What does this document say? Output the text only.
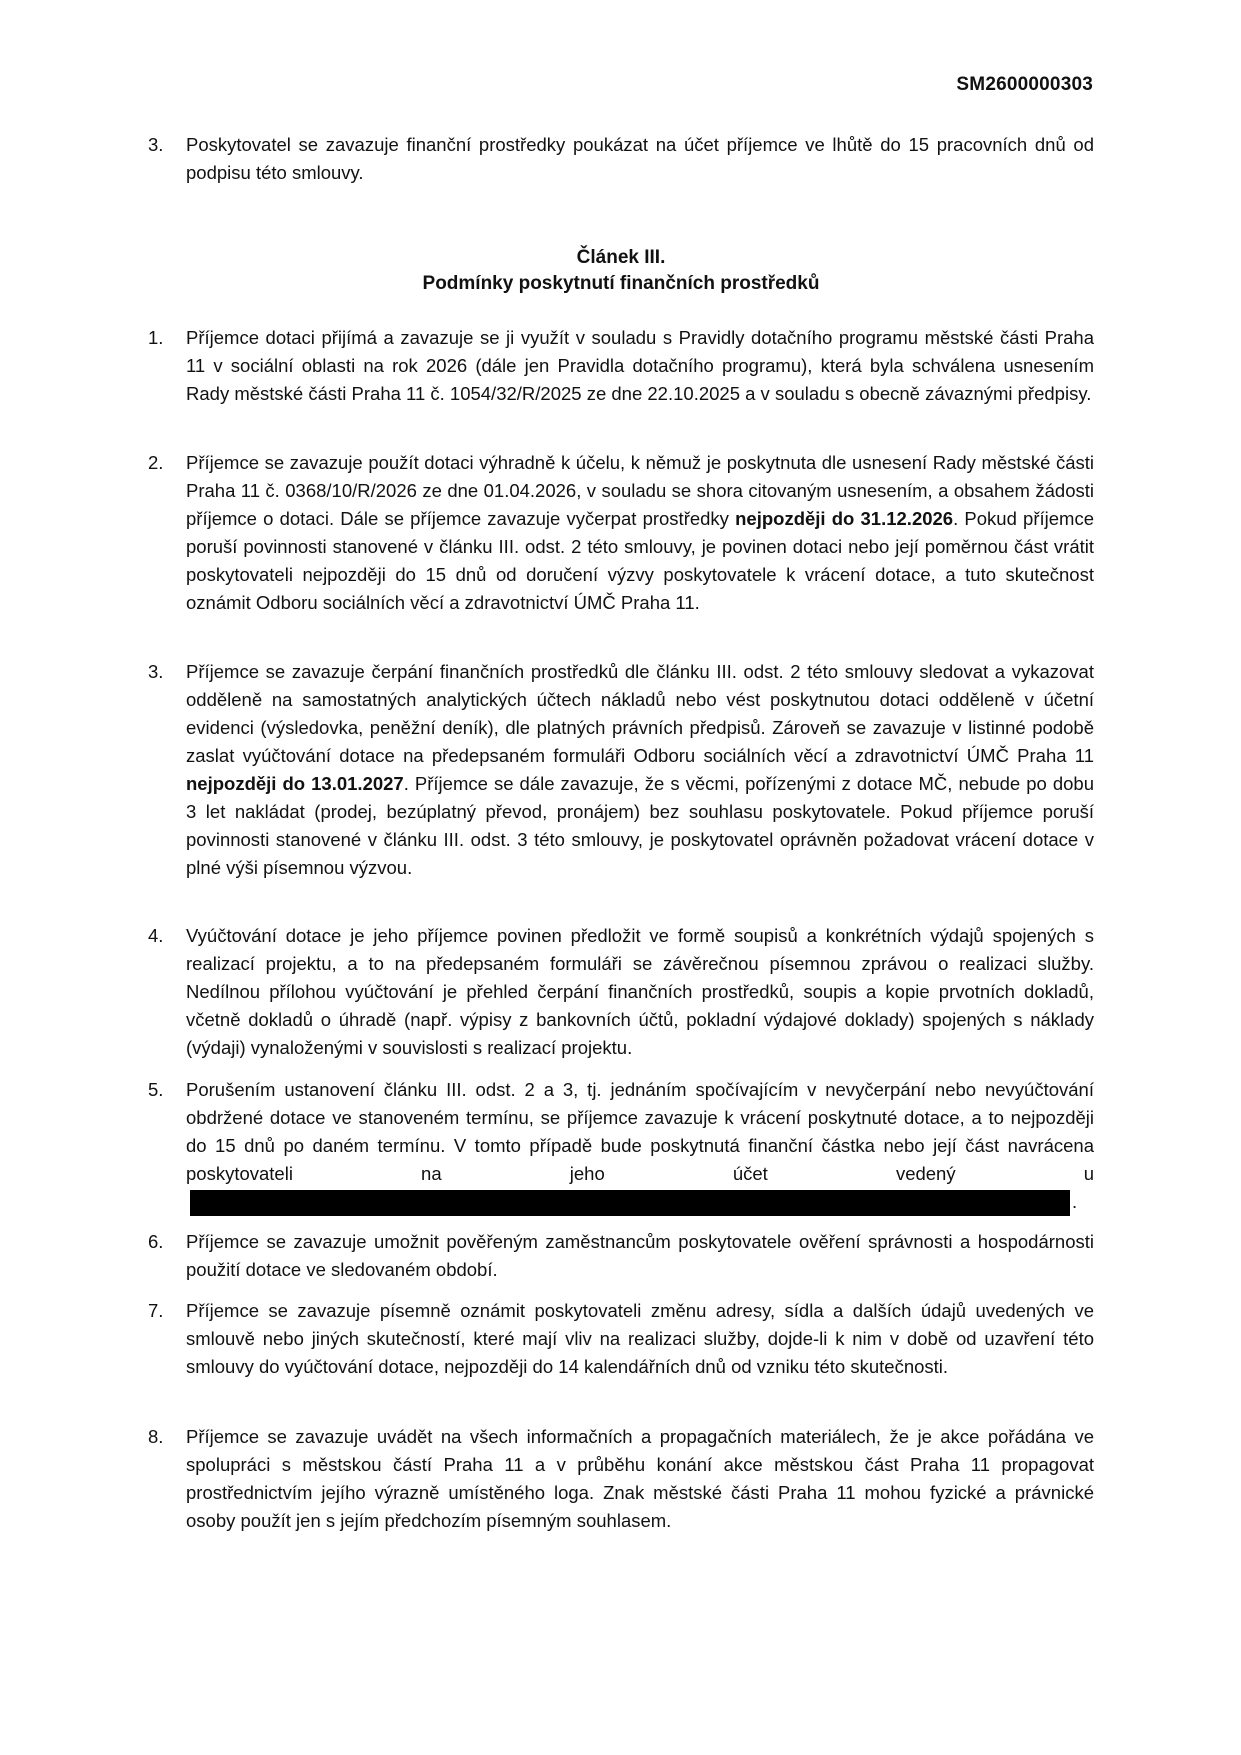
SM2600000303
3.	Poskytovatel se zavazuje finanční prostředky poukázat na účet příjemce ve lhůtě do 15 pracovních dnů od podpisu této smlouvy.
Článek III.
Podmínky poskytnutí finančních prostředků
1.	Příjemce dotaci přijímá a zavazuje se ji využít v souladu s Pravidly dotačního programu městské části Praha 11 v sociální oblasti na rok 2026 (dále jen Pravidla dotačního programu), která byla schválena usnesením Rady městské části Praha 11 č. 1054/32/R/2025 ze dne 22.10.2025 a v souladu s obecně závaznými předpisy.
2.	Příjemce se zavazuje použít dotaci výhradně k účelu, k němuž je poskytnuta dle usnesení Rady městské části Praha 11 č. 0368/10/R/2026 ze dne 01.04.2026, v souladu se shora citovaným usnesením, a obsahem žádosti příjemce o dotaci. Dále se příjemce zavazuje vyčerpat prostředky nejpozději do 31.12.2026. Pokud příjemce poruší povinnosti stanovené v článku III. odst. 2 této smlouvy, je povinen dotaci nebo její poměrnou část vrátit poskytovateli nejpozději do 15 dnů od doručení výzvy poskytovatele k vrácení dotace, a tuto skutečnost oznámit Odboru sociálních věcí a zdravotnictví ÚMČ Praha 11.
3.	Příjemce se zavazuje čerpání finančních prostředků dle článku III. odst. 2 této smlouvy sledovat a vykazovat odděleně na samostatných analytických účtech nákladů nebo vést poskytnutou dotaci odděleně v účetní evidenci (výsledovka, peněžní deník), dle platných právních předpisů. Zároveň se zavazuje v listinné podobě zaslat vyúčtování dotace na předepsaném formuláři Odboru sociálních věcí a zdravotnictví ÚMČ Praha 11 nejpozději do 13.01.2027. Příjemce se dále zavazuje, že s věcmi, pořízenými z dotace MČ, nebude po dobu 3 let nakládat (prodej, bezúplatný převod, pronájem) bez souhlasu poskytovatele. Pokud příjemce poruší povinnosti stanovené v článku III. odst. 3 této smlouvy, je poskytovatel oprávněn požadovat vrácení dotace v plné výši písemnou výzvou.
4.	Vyúčtování dotace je jeho příjemce povinen předložit ve formě soupisů a konkrétních výdajů spojených s realizací projektu, a to na předepsaném formuláři se závěrečnou písemnou zprávou o realizaci služby. Nedílnou přílohou vyúčtování je přehled čerpání finančních prostředků, soupis a kopie prvotních dokladů, včetně dokladů o úhradě (např. výpisy z bankovních účtů, pokladní výdajové doklady) spojených s náklady (výdaji) vynaloženými v souvislosti s realizací projektu.
5.	Porušením ustanovení článku III. odst. 2 a 3, tj. jednáním spočívajícím v nevyčerpání nebo nevyúčtování obdržené dotace ve stanoveném termínu, se příjemce zavazuje k vrácení poskytnuté dotace, a to nejpozději do 15 dnů po daném termínu. V tomto případě bude poskytnutá finanční částka nebo její část navrácena poskytovateli na jeho účet vedený u.
6.	Příjemce se zavazuje umožnit pověřeným zaměstnancům poskytovatele ověření správnosti a hospodárnosti použití dotace ve sledovaném období.
7.	Příjemce se zavazuje písemně oznámit poskytovateli změnu adresy, sídla a dalších údajů uvedených ve smlouvě nebo jiných skutečností, které mají vliv na realizaci služby, dojde-li k nim v době od uzavření této smlouvy do vyúčtování dotace, nejpozději do 14 kalendářních dnů od vzniku této skutečnosti.
8.	Příjemce se zavazuje uvádět na všech informačních a propagačních materiálech, že je akce pořádána ve spolupráci s městskou částí Praha 11 a v průběhu konání akce městskou část Praha 11 propagovat prostřednictvím jejího výrazně umístěného loga. Znak městské části Praha 11 mohou fyzické a právnické osoby použít jen s jejím předchozím písemným souhlasem.
